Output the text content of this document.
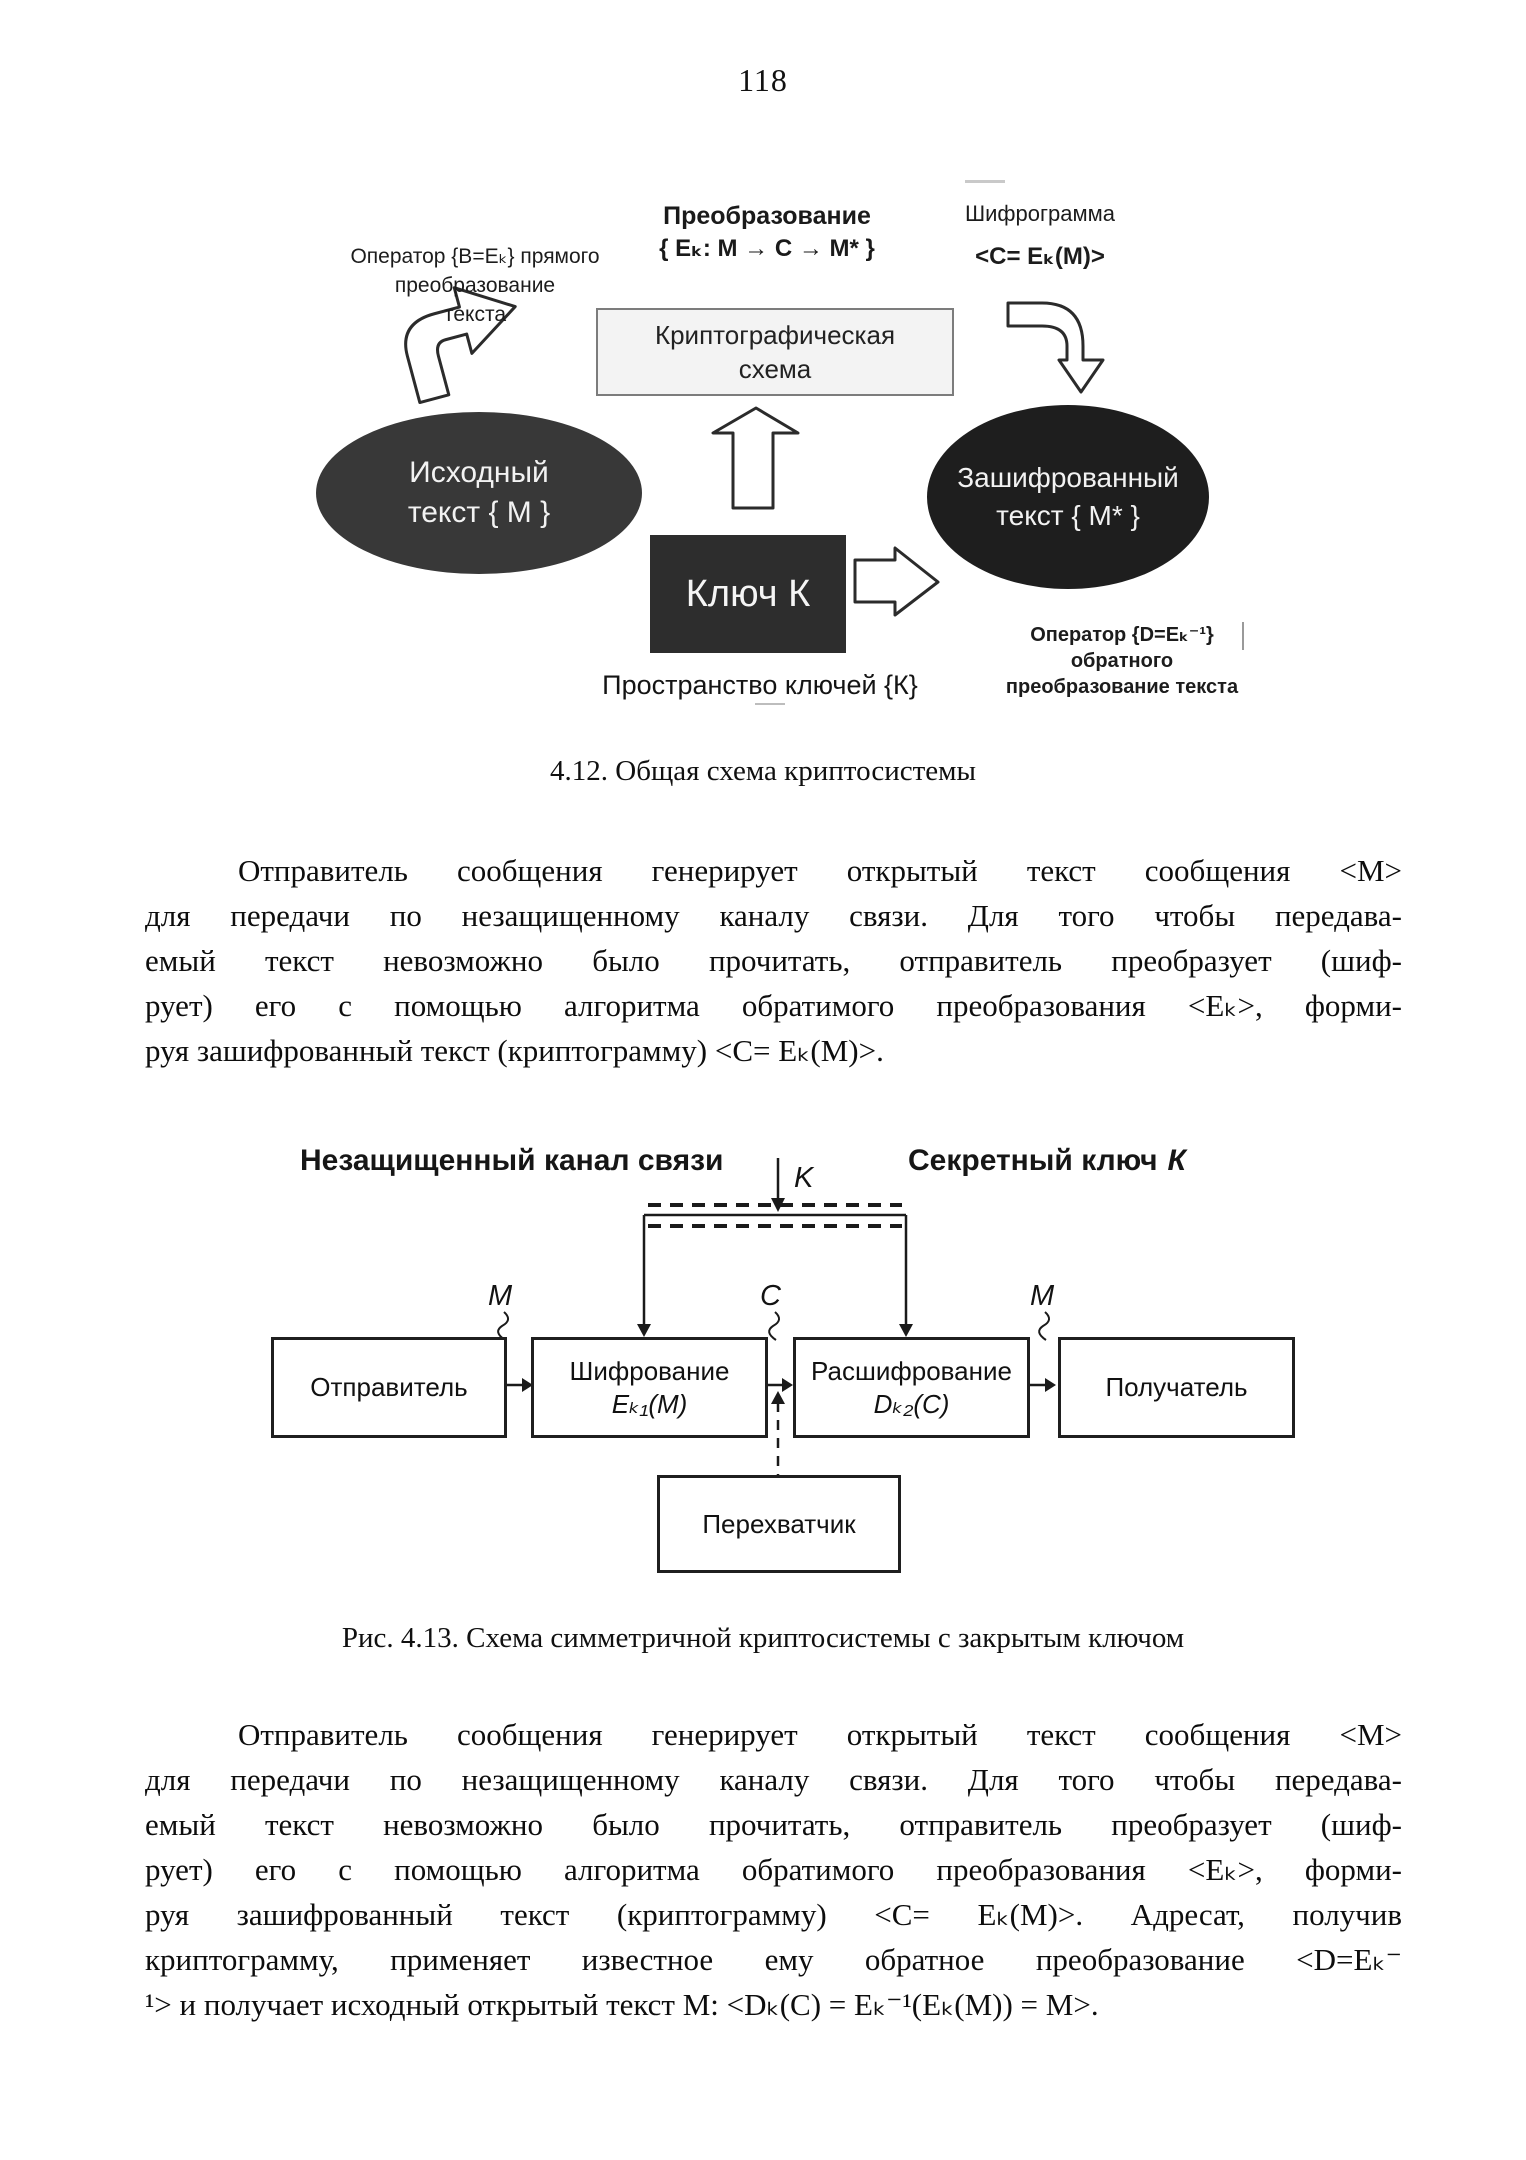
118
Оператор {B=Eₖ} прямого
преобразование
текста
Преобразование
{ Eₖ: M → C → M* }
Шифрограмма
<C= Eₖ(M)>
Криптографическая
схема
Исходный
текст { M }
Зашифрованный
текст { M* }
Ключ К
Пространство ключей {К}
Оператор {D=Eₖ⁻¹} обратного
преобразование текста
4.12. Общая схема криптосистемы
Отправитель сообщения генерирует открытый текст сообщения <М>
для передачи по незащищенному каналу связи. Для того чтобы передава-
емый текст невозможно было прочитать, отправитель преобразует (шиф-
рует) его с помощью алгоритма обратимого преобразования <Eₖ>, форми-
руя зашифрованный текст (криптограмму) <C= Eₖ(M)>.
Незащищенный канал связи	Секретный ключ К
K
M	C	M
Отправитель
Шифрование
Eₖ₁(M)
Расшифрование
Dₖ₂(C)
Получатель
Перехватчик
Рис. 4.13. Схема симметричной криптосистемы с закрытым ключом
Отправитель сообщения генерирует открытый текст сообщения <М>
для передачи по незащищенному каналу связи. Для того чтобы передава-
емый текст невозможно было прочитать, отправитель преобразует (шиф-
рует) его с помощью алгоритма обратимого преобразования <Eₖ>, форми-
руя зашифрованный текст (криптограмму) <C= Eₖ(M)>. Адресат, получив
криптограмму, применяет известное ему обратное преобразование <D=Eₖ⁻
¹> и получает исходный открытый текст M: <Dₖ(C) = Eₖ⁻¹(Eₖ(M)) = M>.
